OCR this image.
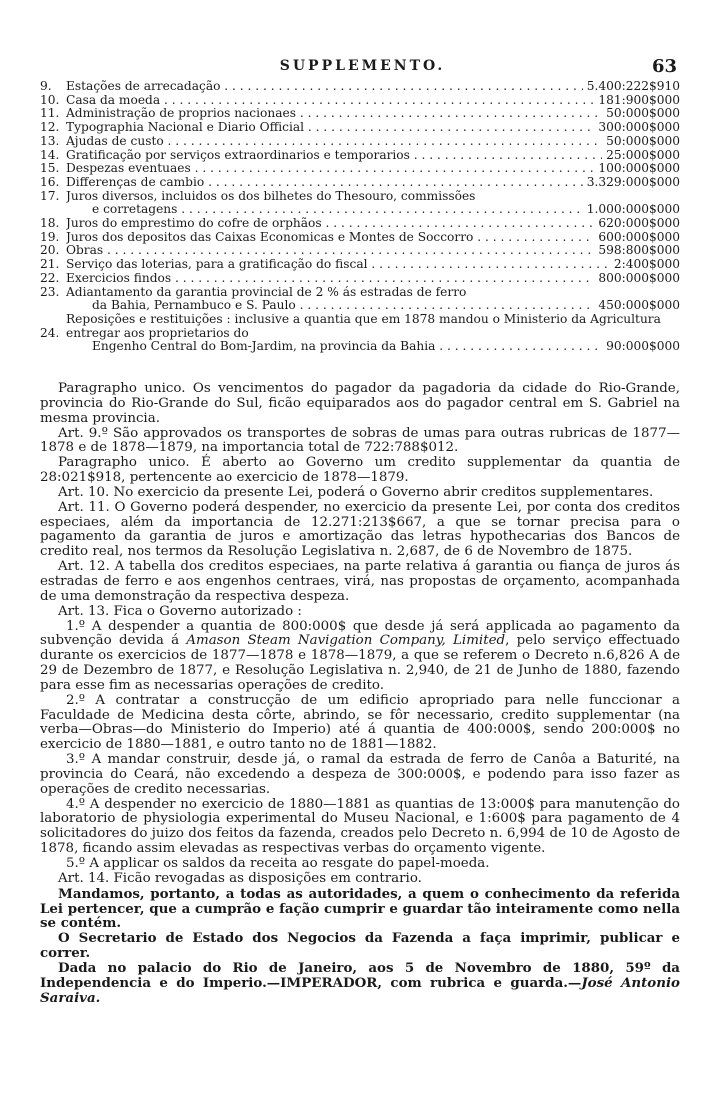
SUPPLEMENTO.	63
9.	Estações de arrecadação . . .	5.400:222$910
10. Casa da moeda . . .	181:900$000
11. Administração de proprios nacionaes . . .	50:000$000
12. Typographia Nacional e Diario Official . . .	300:000$000
13. Ajudas de custo . . .	50:000$000
14. Gratificação por serviços extraordinarios e temporarios . . .	25:000$000
15. Despezas eventuaes . . .	100:000$000
16. Differenças de cambio . . .	3.329:000$000
17. Juros diversos, incluidos os dos bilhetes do Thesouro, commissões
e corretagens . . .	1.000:000$000
18. Juros do emprestimo do cofre de orphãos . . .	620:000$000
19. Juros dos depositos das Caixas Economicas e Montes de Soccorro . . .	600:000$000
20. Obras . . .	598:800$000
21. Serviço das loterias, para a gratificação do fiscal . . .	2:400$000
22. Exercicios findos . . .	800:000$000
23. Adiantamento da garantia provincial de 2 % ás estradas de ferro
da Bahia, Pernambuco e S. Paulo . . .	450:000$000
24.
Reposições e restituições : inclusive a quantia que em 1878 mandou o Ministerio da Agricultura entregar aos proprietarios do
Engenho Central do Bom-Jardim, na provincia da Bahia . . .	90:000$000

Paragrapho unico. Os vencimentos do pagador da pagadoria da cidade do Rio-Grande, provincia do Rio-Grande do Sul, ficão equiparados aos do pagador central em S. Gabriel na mesma provincia.

Art. 9.º São approvados os transportes de sobras de umas para outras rubricas de 1877—1878 e de 1878—1879, na importancia total de 722:788$012.

Paragrapho unico. É aberto ao Governo um credito supplementar da quantia de 28:021$918, pertencente ao exercicio de 1878—1879.

Art. 10. No exercicio da presente Lei, poderá o Governo abrir creditos supplementares.

Art. 11. O Governo poderá despender, no exercicio da presente Lei, por conta dos creditos especiaes, além da importancia de 12.271:213$667, a que se tornar precisa para o pagamento da garantia de juros e amortização das letras hypothecarias dos Bancos de credito real, nos termos da Resolução Legislativa n. 2,687, de 6 de Novembro de 1875.

Art. 12. A tabella dos creditos especiaes, na parte relativa á garantia ou fiança de juros ás estradas de ferro e aos engenhos centraes, virá, nas propostas de orçamento, acompanhada de uma demonstração da respectiva despeza.

Art. 13. Fica o Governo autorizado :

1.º A despender a quantia de 800:000$ que desde já será applicada ao pagamento da subvenção devida á Amason Steam Navigation Company, Limited, pelo serviço effectuado durante os exercicios de 1877—1878 e 1878—1879, a que se referem o Decreto n.6,826 A de 29 de Dezembro de 1877, e Resolução Legislativa n. 2,940, de 21 de Junho de 1880, fazendo para esse fim as necessarias operações de credito.

2.º A contratar a construcção de um edificio apropriado para nelle funccionar a Faculdade de Medicina desta côrte, abrindo, se fôr necessario, credito supplementar (na verba—Obras—do Ministerio do Imperio) até á quantia de 400:000$, sendo 200:000$ no exercicio de 1880—1881, e outro tanto no de 1881—1882.

3.º A mandar construir, desde já, o ramal da estrada de ferro de Canôa a Baturité, na provincia do Ceará, não excedendo a despeza de 300:000$, e podendo para isso fazer as operações de credito necessarias.

4.º A despender no exercicio de 1880—1881 as quantias de 13:000$ para manutenção do laboratorio de physiologia experimental do Museu Nacional, e 1:600$ para pagamento de 4 solicitadores do juizo dos feitos da fazenda, creados pelo Decreto n. 6,994 de 10 de Agosto de 1878, ficando assim elevadas as respectivas verbas do orçamento vigente.

5.º A applicar os saldos da receita ao resgate do papel-moeda.

Art. 14. Ficão revogadas as disposições em contrario.

Mandamos, portanto, a todas as autoridades, a quem o conhecimento da referida Lei pertencer, que a cumprão e fação cumprir e guardar tão inteiramente como nella se contém.

O Secretario de Estado dos Negocios da Fazenda a faça imprimir, publicar e correr.

Dada no palacio do Rio de Janeiro, aos 5 de Novembro de 1880, 59º da Independencia e do Imperio.—IMPERADOR, com rubrica e guarda.—José Antonio Saraiva.
